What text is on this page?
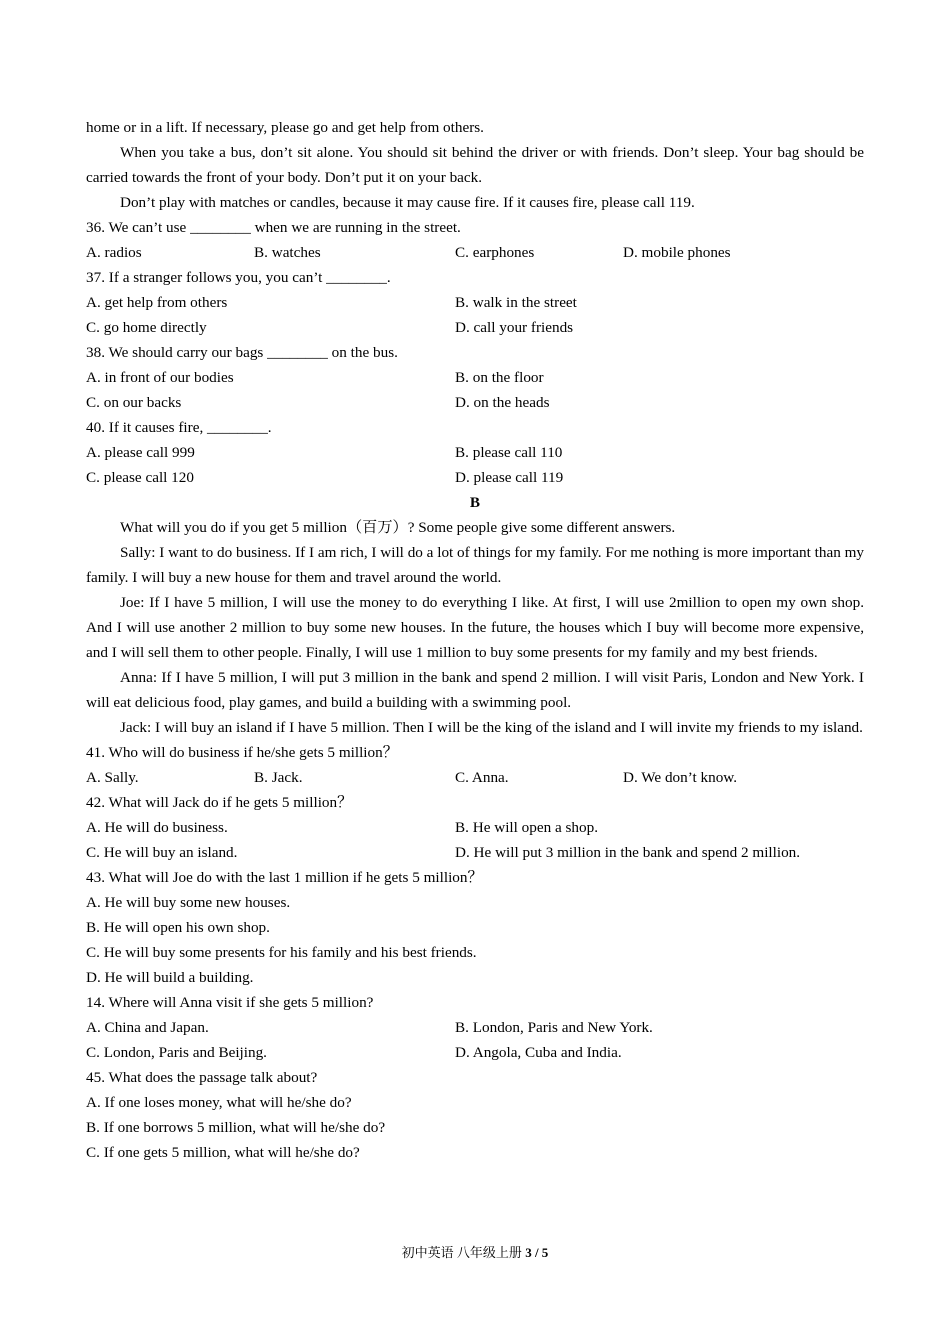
home or in a lift. If necessary, please go and get help from others.
When you take a bus, don’t sit alone. You should sit behind the driver or with friends. Don’t sleep. Your bag should be carried towards the front of your body. Don’t put it on your back.
Don’t play with matches or candles, because it may cause fire. If it causes fire, please call 119.
36. We can’t use ________ when we are running in the street.
A. radios	B. watches	C. earphones	D. mobile phones
37. If a stranger follows you, you can’t ________.
A. get help from others	B. walk in the street
C. go home directly	D. call your friends
38. We should carry our bags ________ on the bus.
A. in front of our bodies	B. on the floor
C. on our backs	D. on the heads
40. If it causes fire, ________.
A. please call 999	B. please call 110
C. please call 120	D. please call 119
B
What will you do if you get 5 million（百万）? Some people give some different answers.
Sally: I want to do business. If I am rich, I will do a lot of things for my family. For me nothing is more important than my family. I will buy a new house for them and travel around the world.
Joe: If I have 5 million, I will use the money to do everything I like. At first, I will use 2million to open my own shop. And I will use another 2 million to buy some new houses. In the future, the houses which I buy will become more expensive, and I will sell them to other people. Finally, I will use 1 million to buy some presents for my family and my best friends.
Anna: If I have 5 million, I will put 3 million in the bank and spend 2 million. I will visit Paris, London and New York. I will eat delicious food, play games, and build a building with a swimming pool.
Jack: I will buy an island if I have 5 million. Then I will be the king of the island and I will invite my friends to my island.
41. Who will do business if he/she gets 5 million？
A. Sally.	B. Jack.	C. Anna.	D. We don’t know.
42. What will Jack do if he gets 5 million？
A. He will do business.	B. He will open a shop.
C. He will buy an island.	D. He will put 3 million in the bank and spend 2 million.
43. What will Joe do with the last 1 million if he gets 5 million？
A. He will buy some new houses.
B. He will open his own shop.
C. He will buy some presents for his family and his best friends.
D. He will build a building.
14. Where will Anna visit if she gets 5 million?
A. China and Japan.	B. London, Paris and New York.
C. London, Paris and Beijing.	D. Angola, Cuba and India.
45. What does the passage talk about?
A. If one loses money, what will he/she do?
B. If one borrows 5 million, what will he/she do?
C. If one gets 5 million, what will he/she do?
初中英语 八年级上册 3 / 5
